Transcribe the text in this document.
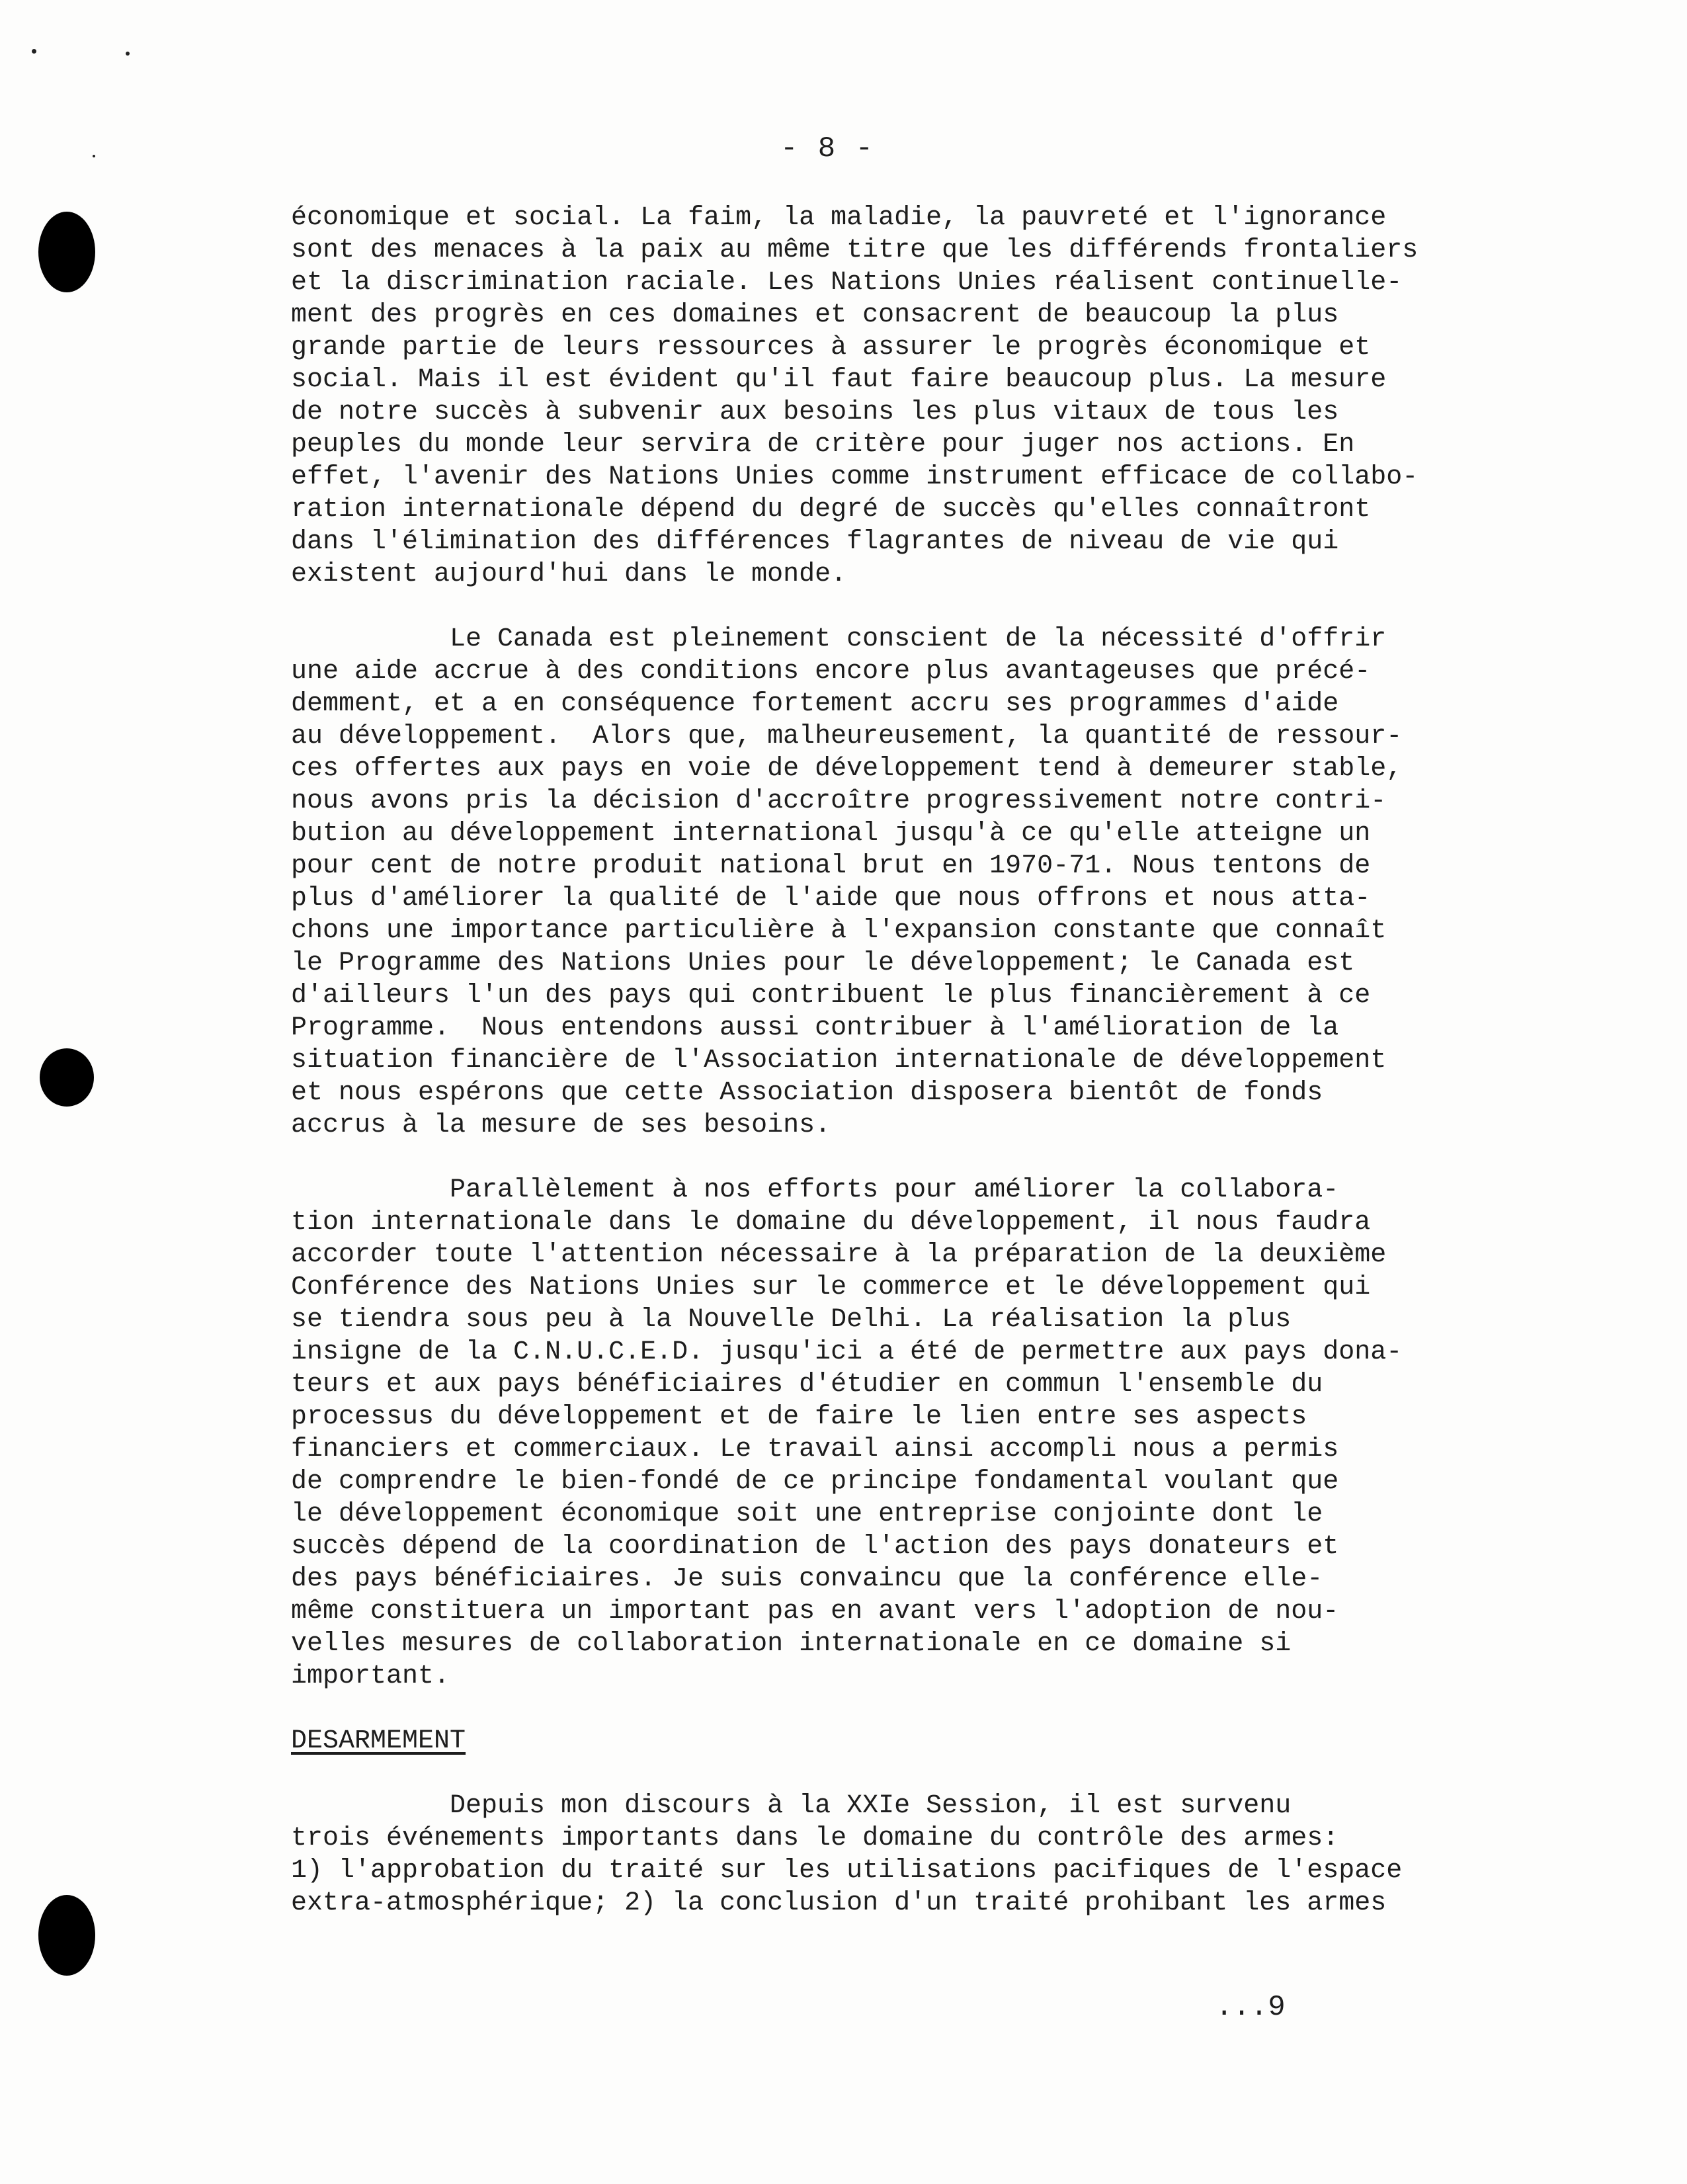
- 8 -
économique et social. La faim, la maladie, la pauvreté et l'ignorance
sont des menaces à la paix au même titre que les différends frontaliers
et la discrimination raciale. Les Nations Unies réalisent continuelle-
ment des progrès en ces domaines et consacrent de beaucoup la plus
grande partie de leurs ressources à assurer le progrès économique et
social. Mais il est évident qu'il faut faire beaucoup plus. La mesure
de notre succès à subvenir aux besoins les plus vitaux de tous les
peuples du monde leur servira de critère pour juger nos actions. En
effet, l'avenir des Nations Unies comme instrument efficace de collabo-
ration internationale dépend du degré de succès qu'elles connaîtront
dans l'élimination des différences flagrantes de niveau de vie qui
existent aujourd'hui dans le monde.
Le Canada est pleinement conscient de la nécessité d'offrir
une aide accrue à des conditions encore plus avantageuses que précé-
demment, et a en conséquence fortement accru ses programmes d'aide
au développement.  Alors que, malheureusement, la quantité de ressour-
ces offertes aux pays en voie de développement tend à demeurer stable,
nous avons pris la décision d'accroître progressivement notre contri-
bution au développement international jusqu'à ce qu'elle atteigne un
pour cent de notre produit national brut en 1970-71. Nous tentons de
plus d'améliorer la qualité de l'aide que nous offrons et nous atta-
chons une importance particulière à l'expansion constante que connaît
le Programme des Nations Unies pour le développement; le Canada est
d'ailleurs l'un des pays qui contribuent le plus financièrement à ce
Programme.  Nous entendons aussi contribuer à l'amélioration de la
situation financière de l'Association internationale de développement
et nous espérons que cette Association disposera bientôt de fonds
accrus à la mesure de ses besoins.
Parallèlement à nos efforts pour améliorer la collabora-
tion internationale dans le domaine du développement, il nous faudra
accorder toute l'attention nécessaire à la préparation de la deuxième
Conférence des Nations Unies sur le commerce et le développement qui
se tiendra sous peu à la Nouvelle Delhi. La réalisation la plus
insigne de la C.N.U.C.E.D. jusqu'ici a été de permettre aux pays dona-
teurs et aux pays bénéficiaires d'étudier en commun l'ensemble du
processus du développement et de faire le lien entre ses aspects
financiers et commerciaux. Le travail ainsi accompli nous a permis
de comprendre le bien-fondé de ce principe fondamental voulant que
le développement économique soit une entreprise conjointe dont le
succès dépend de la coordination de l'action des pays donateurs et
des pays bénéficiaires. Je suis convaincu que la conférence elle-
même constituera un important pas en avant vers l'adoption de nou-
velles mesures de collaboration internationale en ce domaine si
important.
DESARMEMENT
Depuis mon discours à la XXIe Session, il est survenu
trois événements importants dans le domaine du contrôle des armes:
1) l'approbation du traité sur les utilisations pacifiques de l'espace
extra-atmosphérique; 2) la conclusion d'un traité prohibant les armes
...9
